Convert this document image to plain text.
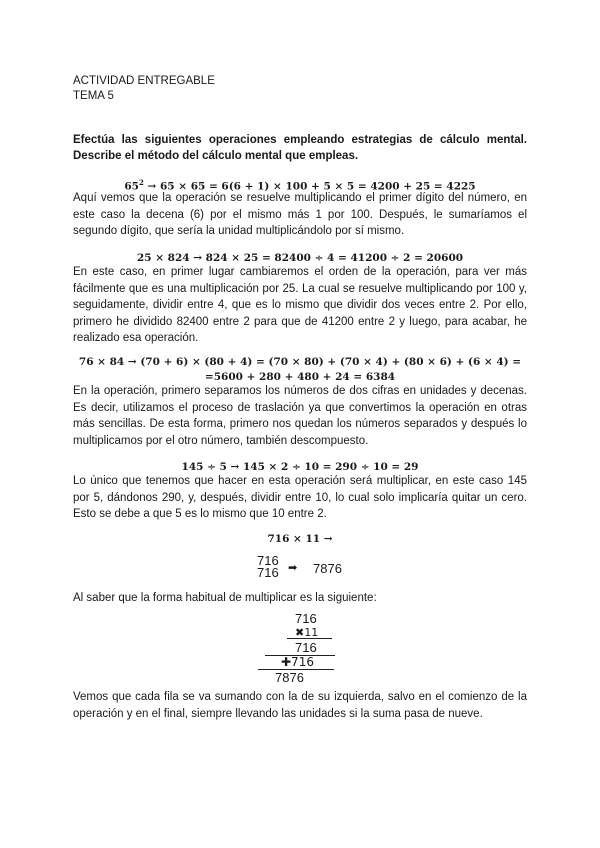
ACTIVIDAD ENTREGABLE
TEMA 5
Efectúa las siguientes operaciones empleando estrategias de cálculo mental.
Describe el método del cálculo mental que empleas.
$65^2 \to 65 \times 65 = 6(6 + 1) \times 100 + 5 \times 5 = 4200 + 25 = 4225$
Aquí vemos que la operación se resuelve multiplicando el primer dígito del número, en este caso la decena (6) por el mismo más 1 por 100. Después, le sumaríamos el segundo dígito, que sería la unidad multiplicándolo por sí mismo.
25 × 824 → 824 × 25 = 82400 ÷ 4 = 41200 ÷ 2 = 20600
En este caso, en primer lugar cambiaremos el orden de la operación, para ver más fácilmente que es una multiplicación por 25. La cual se resuelve multiplicando por 100 y, seguidamente, dividir entre 4, que es lo mismo que dividir dos veces entre 2. Por ello, primero he dividido 82400 entre 2 para que de 41200 entre 2 y luego, para acabar, he realizado esa operación.
76 × 84 → (70 + 6) × (80 + 4) = (70 × 80) + (70 × 4) + (80 × 6) + (6 × 4) =
=5600 + 280 + 480 + 24 = 6384
En la operación, primero separamos los números de dos cifras en unidades y decenas. Es decir, utilizamos el proceso de traslación ya que convertimos la operación en otras más sencillas. De esta forma, primero nos quedan los números separados y después lo multiplicamos por el otro número, también descompuesto.
145 ÷ 5 → 145 × 2 ÷ 10 = 290 ÷ 10 = 29
Lo único que tenemos que hacer en esta operación será multiplicar, en este caso 145 por 5, dándonos 290, y, después, dividir entre 10, lo cual solo implicaría quitar un cero. Esto se debe a que 5 es lo mismo que 10 entre 2.
716 × 11 →
716
716 ➡ 7876
Al saber que la forma habitual de multiplicar es la siguiente:
716
✖11
716
✚716
7876
Vemos que cada fila se va sumando con la de su izquierda, salvo en el comienzo de la operación y en el final, siempre llevando las unidades si la suma pasa de nueve.
